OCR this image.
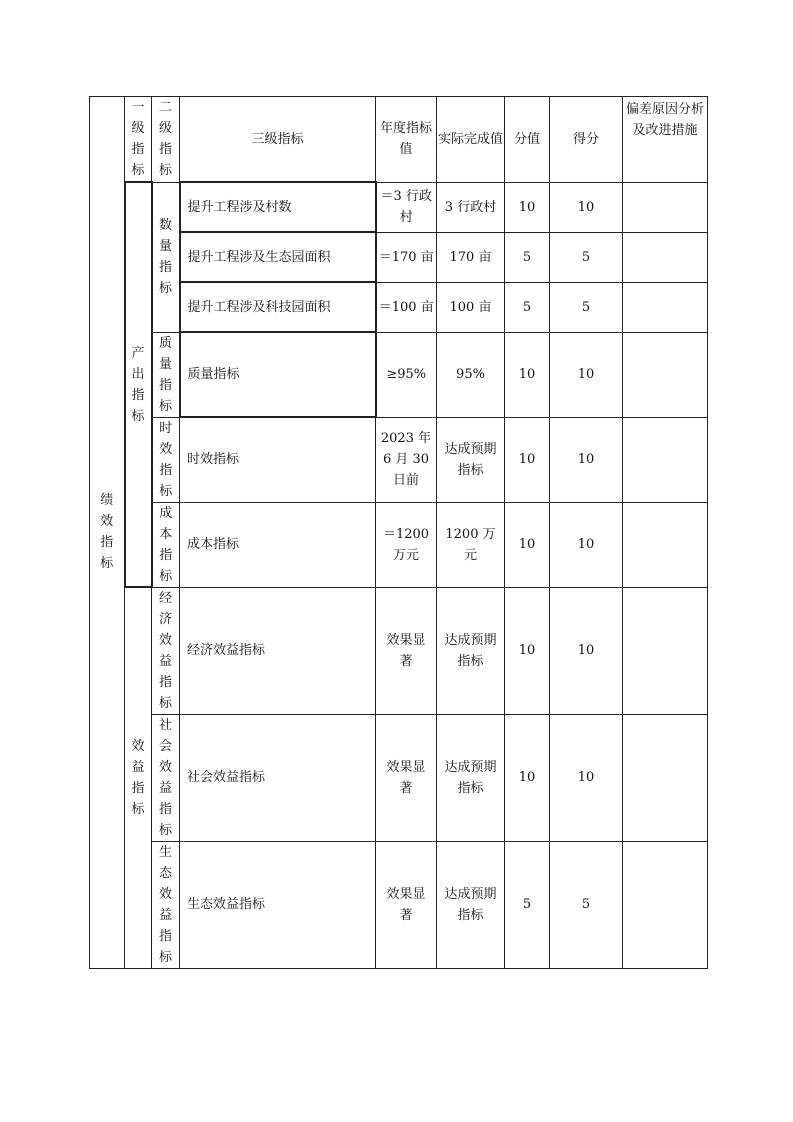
绩效指标	一级指标	二级指标	三级指标	年度指标值	实际完成值	分值	得分	偏差原因分析及改进措施
	产出指标	数量指标	提升工程涉及村数	＝3 行政村	3 行政村	10	10	
			提升工程涉及生态园面积	＝170 亩	170 亩	5	5	
			提升工程涉及科技园面积	＝100 亩	100 亩	5	5	
		质量指标	质量指标	≥95%	95%	10	10	
		时效指标	时效指标	2023 年 6 月 30 日前	达成预期指标	10	10	
		成本指标	成本指标	＝1200 万元	1200 万元	10	10	
	效益指标	经济效益指标	经济效益指标	效果显著	达成预期指标	10	10	
		社会效益指标	社会效益指标	效果显著	达成预期指标	10	10	
		生态效益指标	生态效益指标	效果显著	达成预期指标	5	5	
